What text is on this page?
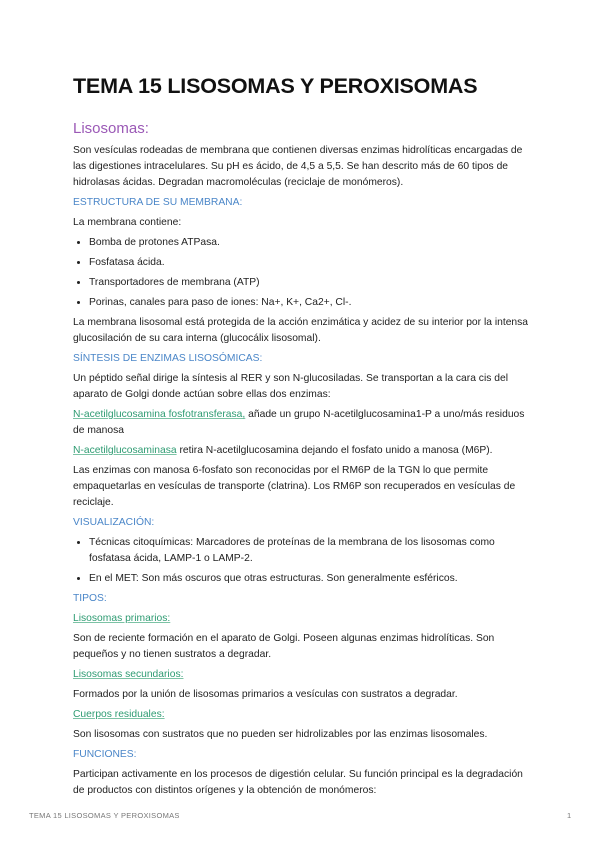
TEMA 15 LISOSOMAS Y PEROXISOMAS
Lisosomas:

Son vesículas rodeadas de membrana que contienen diversas enzimas hidrolíticas encargadas de las digestiones intracelulares. Su pH es ácido, de 4,5 a 5,5. Se han descrito más de 60 tipos de hidrolasas ácidas. Degradan macromoléculas (reciclaje de monómeros).

ESTRUCTURA DE SU MEMBRANA:

La membrana contiene:

• Bomba de protones ATPasa.
• Fosfatasa ácida.
• Transportadores de membrana (ATP)
• Porinas, canales para paso de iones: Na+, K+, Ca2+, Cl-.

La membrana lisosomal está protegida de la acción enzimática y acidez de su interior por la intensa glucosilación de su cara interna (glucocálix lisosomal).

SÍNTESIS DE ENZIMAS LISOSÓMICAS:

Un péptido señal dirige la síntesis al RER y son N-glucosiladas. Se transportan a la cara cis del aparato de Golgi donde actúan sobre ellas dos enzimas:

N-acetilglucosamina fosfotransferasa, añade un grupo N-acetilglucosamina1-P a uno/más residuos de manosa

N-acetilglucosaminasa retira N-acetilglucosamina dejando el fosfato unido a manosa (M6P).

Las enzimas con manosa 6-fosfato son reconocidas por el RM6P de la TGN lo que permite empaquetarlas en vesículas de transporte (clatrina). Los RM6P son recuperados en vesículas de reciclaje.

VISUALIZACIÓN:
• Técnicas citoquímicas: Marcadores de proteínas de la membrana de los lisosomas como fosfatasa ácida, LAMP-1 o LAMP-2.
• En el MET: Son más oscuros que otras estructuras. Son generalmente esféricos.
TIPOS:
Lisosomas primarios:

Son de reciente formación en el aparato de Golgi. Poseen algunas enzimas hidrolíticas. Son pequeños y no tienen sustratos a degradar.

Lisosomas secundarios:

Formados por la unión de lisosomas primarios a vesículas con sustratos a degradar.

Cuerpos residuales:

Son lisosomas con sustratos que no pueden ser hidrolizables por las enzimas lisosomales.

FUNCIONES:

Participan activamente en los procesos de digestión celular. Su función principal es la degradación de productos con distintos orígenes y la obtención de monómeros:

TEMA 15 LISOSOMAS Y PEROXISOMAS	1
